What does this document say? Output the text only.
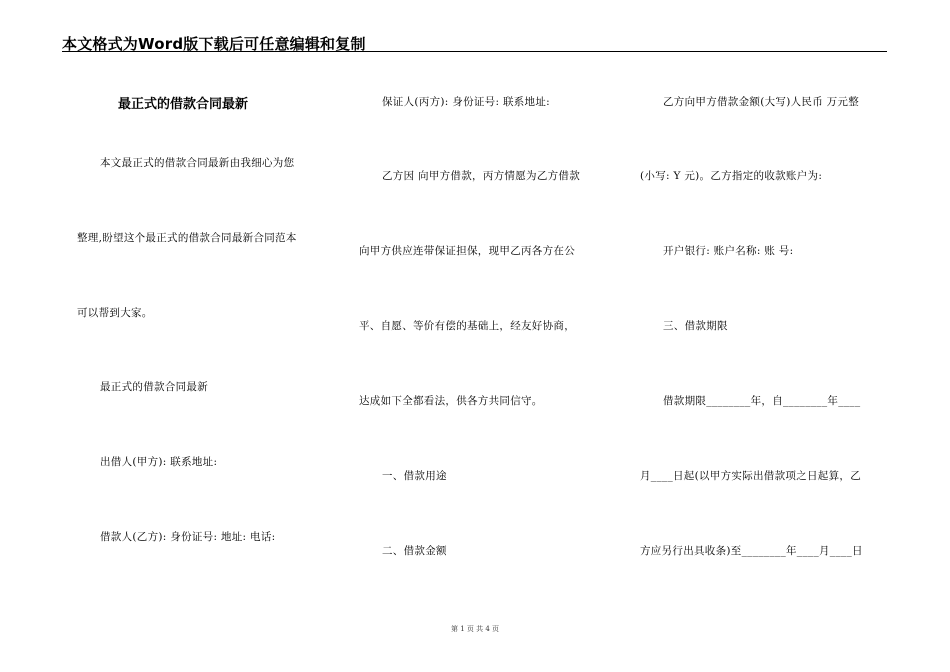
本文格式为Word版下载后可任意编辑和复制
最正式的借款合同最新
本文最正式的借款合同最新由我细心为您
整理,盼望这个最正式的借款合同最新合同范本
可以帮到大家。
最正式的借款合同最新
出借人(甲方): 联系地址:
借款人(乙方): 身份证号: 地址: 电话:
保证人(丙方): 身份证号: 联系地址:
乙方因 向甲方借款，丙方情愿为乙方借款
向甲方供应连带保证担保，现甲乙丙各方在公
平、自愿、等价有偿的基础上，经友好协商，
达成如下全都看法，供各方共同信守。
一、借款用途
二、借款金额
乙方向甲方借款金额(大写)人民币 万元整
(小写: Y 元)。乙方指定的收款账户为:
开户银行: 账户名称: 账 号:
三、借款期限
借款期限________年，自________年____
月____日起(以甲方实际出借款项之日起算，乙
方应另行出具收条)至________年____月____日
第 1 页 共 4 页
